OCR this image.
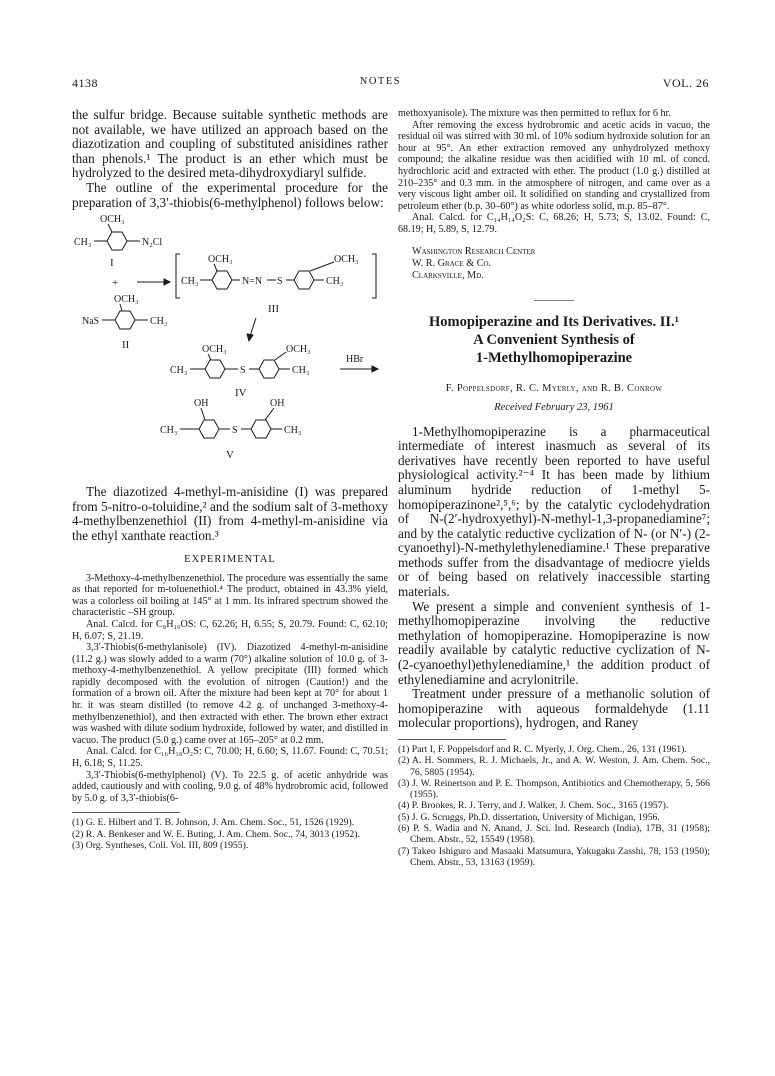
4138	NOTES	VOL. 26

the sulfur bridge. Because suitable synthetic methods are not available, we have utilized an approach based on the diazotization and coupling of substituted anisidines rather than phenols.¹ The product is an ether which must be hydrolyzed to the desired meta-dihydroxydiaryl sulfide.

The outline of the experimental procedure for the preparation of 3,3′-thiobis(6-methylphenol) follows below:

OCH₃
CH₃	N₂Cl
I
+
OCH₃
CH₃	N=N S
OCH₃
CH₃
III
OCH₃
NaS	CH₃
II	OCH₃
CH₃	S
OCH₃
CH₃
IV
HBr
OH
CH₃	S
OH
CH₃
V

The diazotized 4-methyl-m-anisidine (I) was prepared from 5-nitro-o-toluidine,² and the sodium salt of 3-methoxy 4-methylbenzenethiol (II) from 4-methyl-m-anisidine via the ethyl xanthate reaction.³

EXPERIMENTAL

3-Methoxy-4-methylbenzenethiol. The procedure was essentially the same as that reported for m-toluenethiol.⁴ The product, obtained in 43.3% yield, was a colorless oil boiling at 145° at 1 mm. Its infrared spectrum showed the characteristic –SH group.

Anal. Calcd. for C₈H₁₀OS: C, 62.26; H, 6.55; S, 20.79. Found: C, 62.10; H, 6.07; S, 21.19.

3,3′-Thiobis(6-methylanisole) (IV). Diazotized 4-methyl-m-anisidine (11.2 g.) was slowly added to a warm (70°) alkaline solution of 10.0 g. of 3-methoxy-4-methylbenzenethiol. A yellow precipitate (III) formed which rapidly decomposed with the evolution of nitrogen (Caution!) and the formation of a brown oil. After the mixture had been kept at 70° for about 1 hr. it was steam distilled (to remove 4.2 g. of unchanged 3-methoxy-4-methylbenzenethiol), and then extracted with ether. The brown ether extract was washed with dilute sodium hydroxide, followed by water, and distilled in vacuo. The product (5.0 g.) came over at 165–205° at 0.2 mm.

Anal. Calcd. for C₁₆H₁₈O₂S: C, 70.00; H, 6.60; S, 11.67. Found: C, 70.51; H, 6.18; S, 11.25.

3,3′-Thiobis(6-methylphenol) (V). To 22.5 g. of acetic anhydride was added, cautiously and with cooling, 9.0 g. of 48% hydrobromic acid, followed by 5.0 g. of 3,3′-thiobis(6-

(1) G. E. Hilbert and T. B. Johnson, J. Am. Chem. Soc., 51, 1526 (1929).

(2) R. A. Benkeser and W. E. Buting, J. Am. Chem. Soc., 74, 3013 (1952).

(3) Org. Syntheses, Coll. Vol. III, 809 (1955).

methoxyanisole). The mixture was then permitted to reflux for 6 hr.

After removing the excess hydrobromic and acetic acids in vacuo, the residual oil was stirred with 30 ml. of 10% sodium hydroxide solution for an hour at 95°. An ether extraction removed any unhydrolyzed methoxy compound; the alkaline residue was then acidified with 10 ml. of concd. hydrochloric acid and extracted with ether. The product (1.0 g.) distilled at 210–235° and 0.3 mm. in the atmosphere of nitrogen, and came over as a very viscous light amber oil. It solidified on standing and crystallized from petroleum ether (b.p. 30–60°) as white odorless solid, m.p. 85–87°.

Anal. Calcd. for C₁₄H₁₄O₂S: C, 68.26; H, 5.73; S, 13.02. Found: C, 68.19; H, 5.89, S, 12.79.

Washington Research Center
W. R. Grace & Co.
Clarksville, Md.
Homopiperazine and Its Derivatives. II.¹
A Convenient Synthesis of
1-Methylhomopiperazine
F. Poppelsdorf, R. C. Myerly, and R. B. Conrow
Received February 23, 1961

1-Methylhomopiperazine is a pharmaceutical intermediate of interest inasmuch as several of its derivatives have recently been reported to have useful physiological activity.²⁻⁴ It has been made by lithium aluminum hydride reduction of 1-methyl 5-homopiperazinone²,⁵,⁶; by the catalytic cyclodehydration of N-(2′-hydroxyethyl)-N-methyl-1,3-propanediamine⁷; and by the catalytic reductive cyclization of N- (or N′-) (2-cyanoethyl)-N-methylethylenediamine.¹ These preparative methods suffer from the disadvantage of mediocre yields or of being based on relatively inaccessible starting materials.

We present a simple and convenient synthesis of 1-methylhomopiperazine involving the reductive methylation of homopiperazine. Homopiperazine is now readily available by catalytic reductive cyclization of N-(2-cyanoethyl)ethylenediamine,¹ the addition product of ethylenediamine and acrylonitrile.

Treatment under pressure of a methanolic solution of homopiperazine with aqueous formaldehyde (1.11 molecular proportions), hydrogen, and Raney

(1) Part I, F. Poppelsdorf and R. C. Myerly, J. Org. Chem., 26, 131 (1961).

(2) A. H. Sommers, R. J. Michaels, Jr., and A. W. Weston, J. Am. Chem. Soc., 76, 5805 (1954).

(3) J. W. Reinertson and P. E. Thompson, Antibiotics and Chemotherapy, 5, 566 (1955).

(4) P. Brookes, R. J. Terry, and J. Walker, J. Chem. Soc., 3165 (1957).

(5) J. G. Scruggs, Ph.D. dissertation, University of Michigan, 1956.

(6) P. S. Wadia and N. Anand, J. Sci. Ind. Research (India), 17B, 31 (1958); Chem. Abstr., 52, 15549 (1958).

(7) Takeo Ishiguro and Masaaki Matsumura, Yakugaku Zasshi, 78, 153 (1950); Chem. Abstr., 53, 13163 (1959).
